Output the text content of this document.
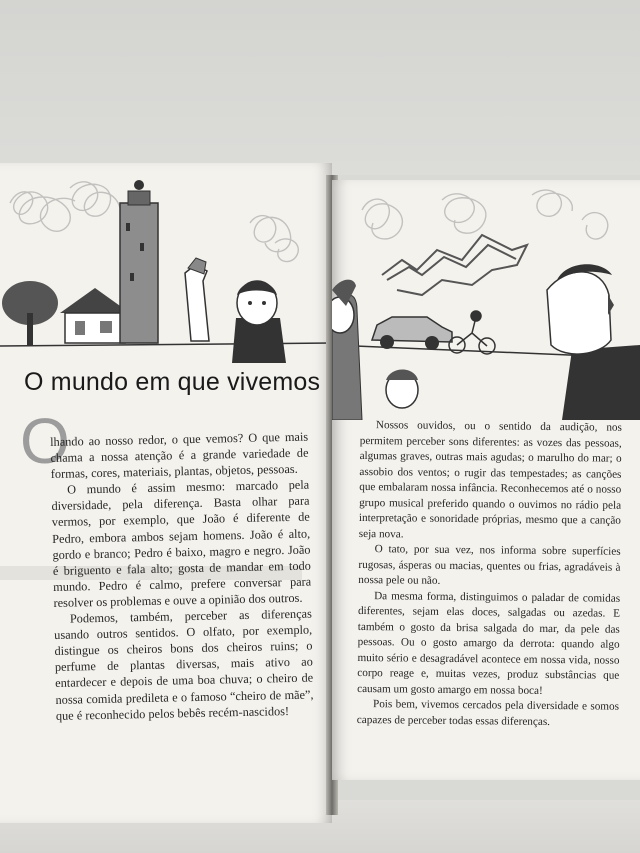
O mundo em que vivemos
O

lhando ao nosso redor, o que vemos? O que mais chama a nossa atenção é a grande variedade de formas, cores, materiais, plantas, objetos, pessoas.

O mundo é assim mesmo: marcado pela diversidade, pela diferença. Basta olhar para vermos, por exemplo, que João é diferente de Pedro, embora ambos sejam homens. João é alto, gordo e branco; Pedro é baixo, magro e negro. João é briguento e fala alto; gosta de mandar em todo mundo. Pedro é calmo, prefere conversar para resolver os problemas e ouve a opinião dos outros.

Podemos, também, perceber as diferenças usando outros sentidos. O olfato, por exemplo, distingue os cheiros bons dos cheiros ruins; o perfume de plantas diversas, mais ativo ao entardecer e depois de uma boa chuva; o cheiro de nossa comida predileta e o famoso “cheiro de mãe”, que é reconhecido pelos bebês recém-nascidos!

Nossos ouvidos, ou o sentido da audição, nos permitem perceber sons diferentes: as vozes das pessoas, algumas graves, outras mais agudas; o marulho do mar; o assobio dos ventos; o rugir das tempestades; as canções que embalaram nossa infância. Reconhecemos até o nosso grupo musical preferido quando o ouvimos no rádio pela interpretação e sonoridade próprias, mesmo que a canção seja nova.

O tato, por sua vez, nos informa sobre superfícies rugosas, ásperas ou macias, quentes ou frias, agradáveis à nossa pele ou não.

Da mesma forma, distinguimos o paladar de comidas diferentes, sejam elas doces, salgadas ou azedas. E também o gosto da brisa salgada do mar, da pele das pessoas. Ou o gosto amargo da derrota: quando algo muito sério e desagradável acontece em nossa vida, nosso corpo reage e, muitas vezes, produz substâncias que causam um gosto amargo em nossa boca!

Pois bem, vivemos cercados pela diversidade e somos capazes de perceber todas essas diferenças.
